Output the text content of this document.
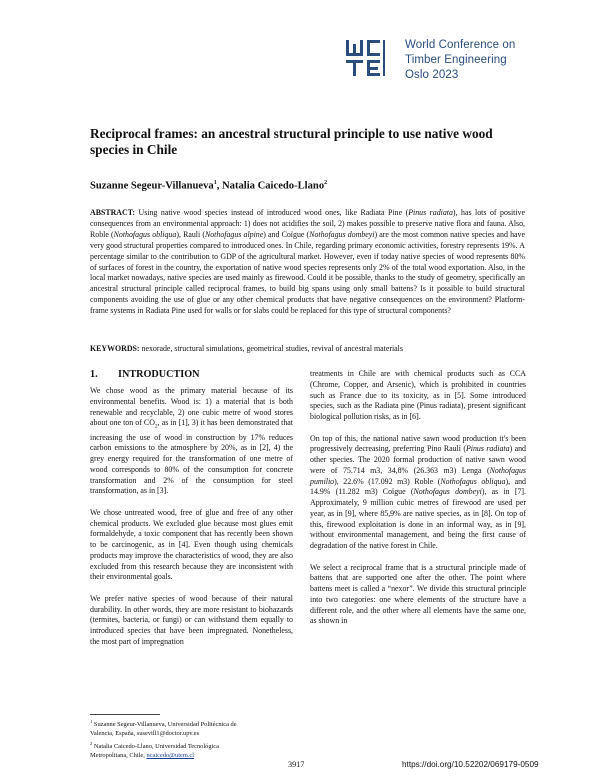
World Conference on
Timber Engineering
Oslo 2023
Reciprocal frames: an ancestral structural principle to use native wood species in Chile
Suzanne Segeur-Villanueva$^1$, Natalia Caicedo-Llano$^2$

ABSTRACT: Using native wood species instead of introduced wood ones, like Radiata Pine (Pinus radiata), has lots of positive consequences from an environmental approach: 1) does not acidifies the soil, 2) makes possible to preserve native flora and fauna. Also, Roble (Nothofagus obliqua), Rauli (Nothofagus alpine) and Coïgue (Nothofagus dombeyi) are the most common native species and have very good structural properties compared to introduced ones. In Chile, regarding primary economic activities, forestry represents 19%. A percentage similar to the contribution to GDP of the agricultural market. However, even if today native species of wood represents 80% of surfaces of forest in the country, the exportation of native wood species represents only 2% of the total wood exportation. Also, in the local market nowadays, native species are used mainly as firewood. Could it be possible, thanks to the study of geometry, specifically an ancestral structural principle called reciprocal frames, to build big spans using only small battens? Is it possible to build structural components avoiding the use of glue or any other chemical products that have negative consequences on the environment? Platform-frame systems in Radiata Pine used for walls or for slabs could be replaced for this type of structural components?

KEYWORDS: nexorade, structural simulations, geometrical studies, revival of ancestral materials

1. INTRODUCTION

We chose wood as the primary material because of its environmental benefits. Wood is: 1) a material that is both renewable and recyclable, 2) one cubic metre of wood stores about one ton of $CO_2$, as in [1], 3) it has been demonstrated that increasing the use of wood in construction by 17% reduces carbon emissions to the atmosphere by 20%, as in [2], 4) the grey energy required for the transformation of one metre of wood corresponds to 80% of the consumption for concrete transformation and 2% of the consumption for steel transformation, as in [3].

We chose untreated wood, free of glue and free of any other chemical products. We excluded glue because most glues emit formaldehyde, a toxic component that has recently been shown to be carcinogenic, as in [4]. Even though using chemicals products may improve the characteristics of wood, they are also excluded from this research because they are inconsistent with their environmental goals.

We prefer native species of wood because of their natural durability. In other words, they are more resistant to biohazards (termites, bacteria, or fungi) or can withstand them equally to introduced species that have been impregnated. Nonetheless, the most part of impregnation

treatments in Chile are with chemical products such as CCA (Chrome, Copper, and Arsenic), which is prohibited in countries such as France due to its toxicity, as in [5]. Some introduced species, such as the Radiata pine (Pinus radiata), present significant biological pollution risks, as in [6].

On top of this, the national native sawn wood production it's been progressively decreasing, preferring Pino Raulí (Pinus radiata) and other species. The 2020 formal production of native sawn wood were of 75.714 m3, 34,8% (26.363 m3) Lenga (Nothofagus pumilio), 22.6% (17.092 m3) Roble (Nothofagus obliqua), and 14.9% (11.282 m3) Coïgue (Nothofagus dombeyi), as in [7]. Approximately, 9 million cubic metres of firewood are used per year, as in [9], where 85,9% are native species, as in [8]. On top of this, firewood exploitation is done in an informal way, as in [9], without environmental management, and being the first cause of degradation of the native forest in Chile.

We select a reciprocal frame that is a structural principle made of battens that are supported one after the other. The point where battens meet is called a “nexor”. We divide this structural principle into two categories: one where elements of the structure have a different role, and the other where all elements have the same one, as shown in

$^1$ Suzanne Segeur-Villanueva, Universidad Politécnica de
Valencia, España, susevill1@doctor.upv.es
$^2$ Natalia Caicedo-Llano, Universidad Tecnológica
Metropolitana, Chile, ncaicedo@utem.cl
3917	https://doi.org/10.52202/069179-0509
